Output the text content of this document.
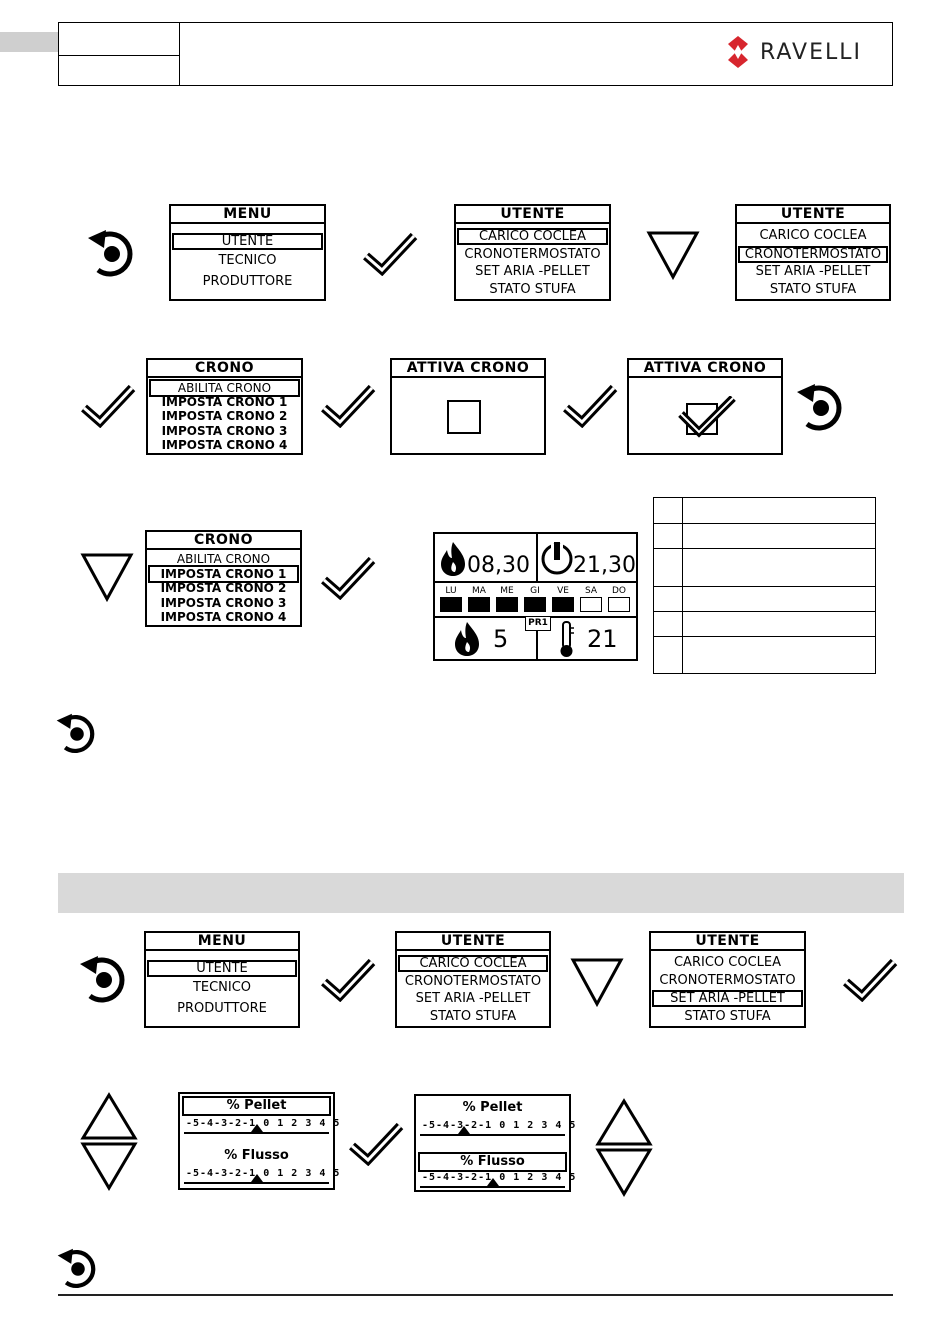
RAVELLI
MENU
UTENTE
TECNICO
PRODUTTORE
UTENTE
CARICO COCLEA
CRONOTERMOSTATO
SET ARIA -PELLET
STATO STUFA
UTENTE
CARICO COCLEA
CRONOTERMOSTATO
SET ARIA -PELLET
STATO STUFA
CRONO
ABILITA CRONO
IMPOSTA CRONO 1
IMPOSTA CRONO 2
IMPOSTA CRONO 3
IMPOSTA CRONO 4
ATTIVA CRONO	ATTIVA CRONO
CRONO
ABILITA CRONO
IMPOSTA CRONO 1
IMPOSTA CRONO 2
IMPOSTA CRONO 3
IMPOSTA CRONO 4
08,30 21,30
LU	MA	ME	GI	VE	SA	DO
PR1
5	21
MENU
UTENTE
TECNICO
PRODUTTORE
UTENTE
CARICO COCLEA
CRONOTERMOSTATO
SET ARIA -PELLET
STATO STUFA
UTENTE
CARICO COCLEA
CRONOTERMOSTATO
SET ARIA -PELLET
STATO STUFA
% Pellet
-5-4-3-2-1 0 1 2 3 4 5
% Flusso
-5-4-3-2-1 0 1 2 3 4 5
% Pellet
-5-4-3-2-1 0 1 2 3 4 5
% Flusso
-5-4-3-2-1 0 1 2 3 4 5
